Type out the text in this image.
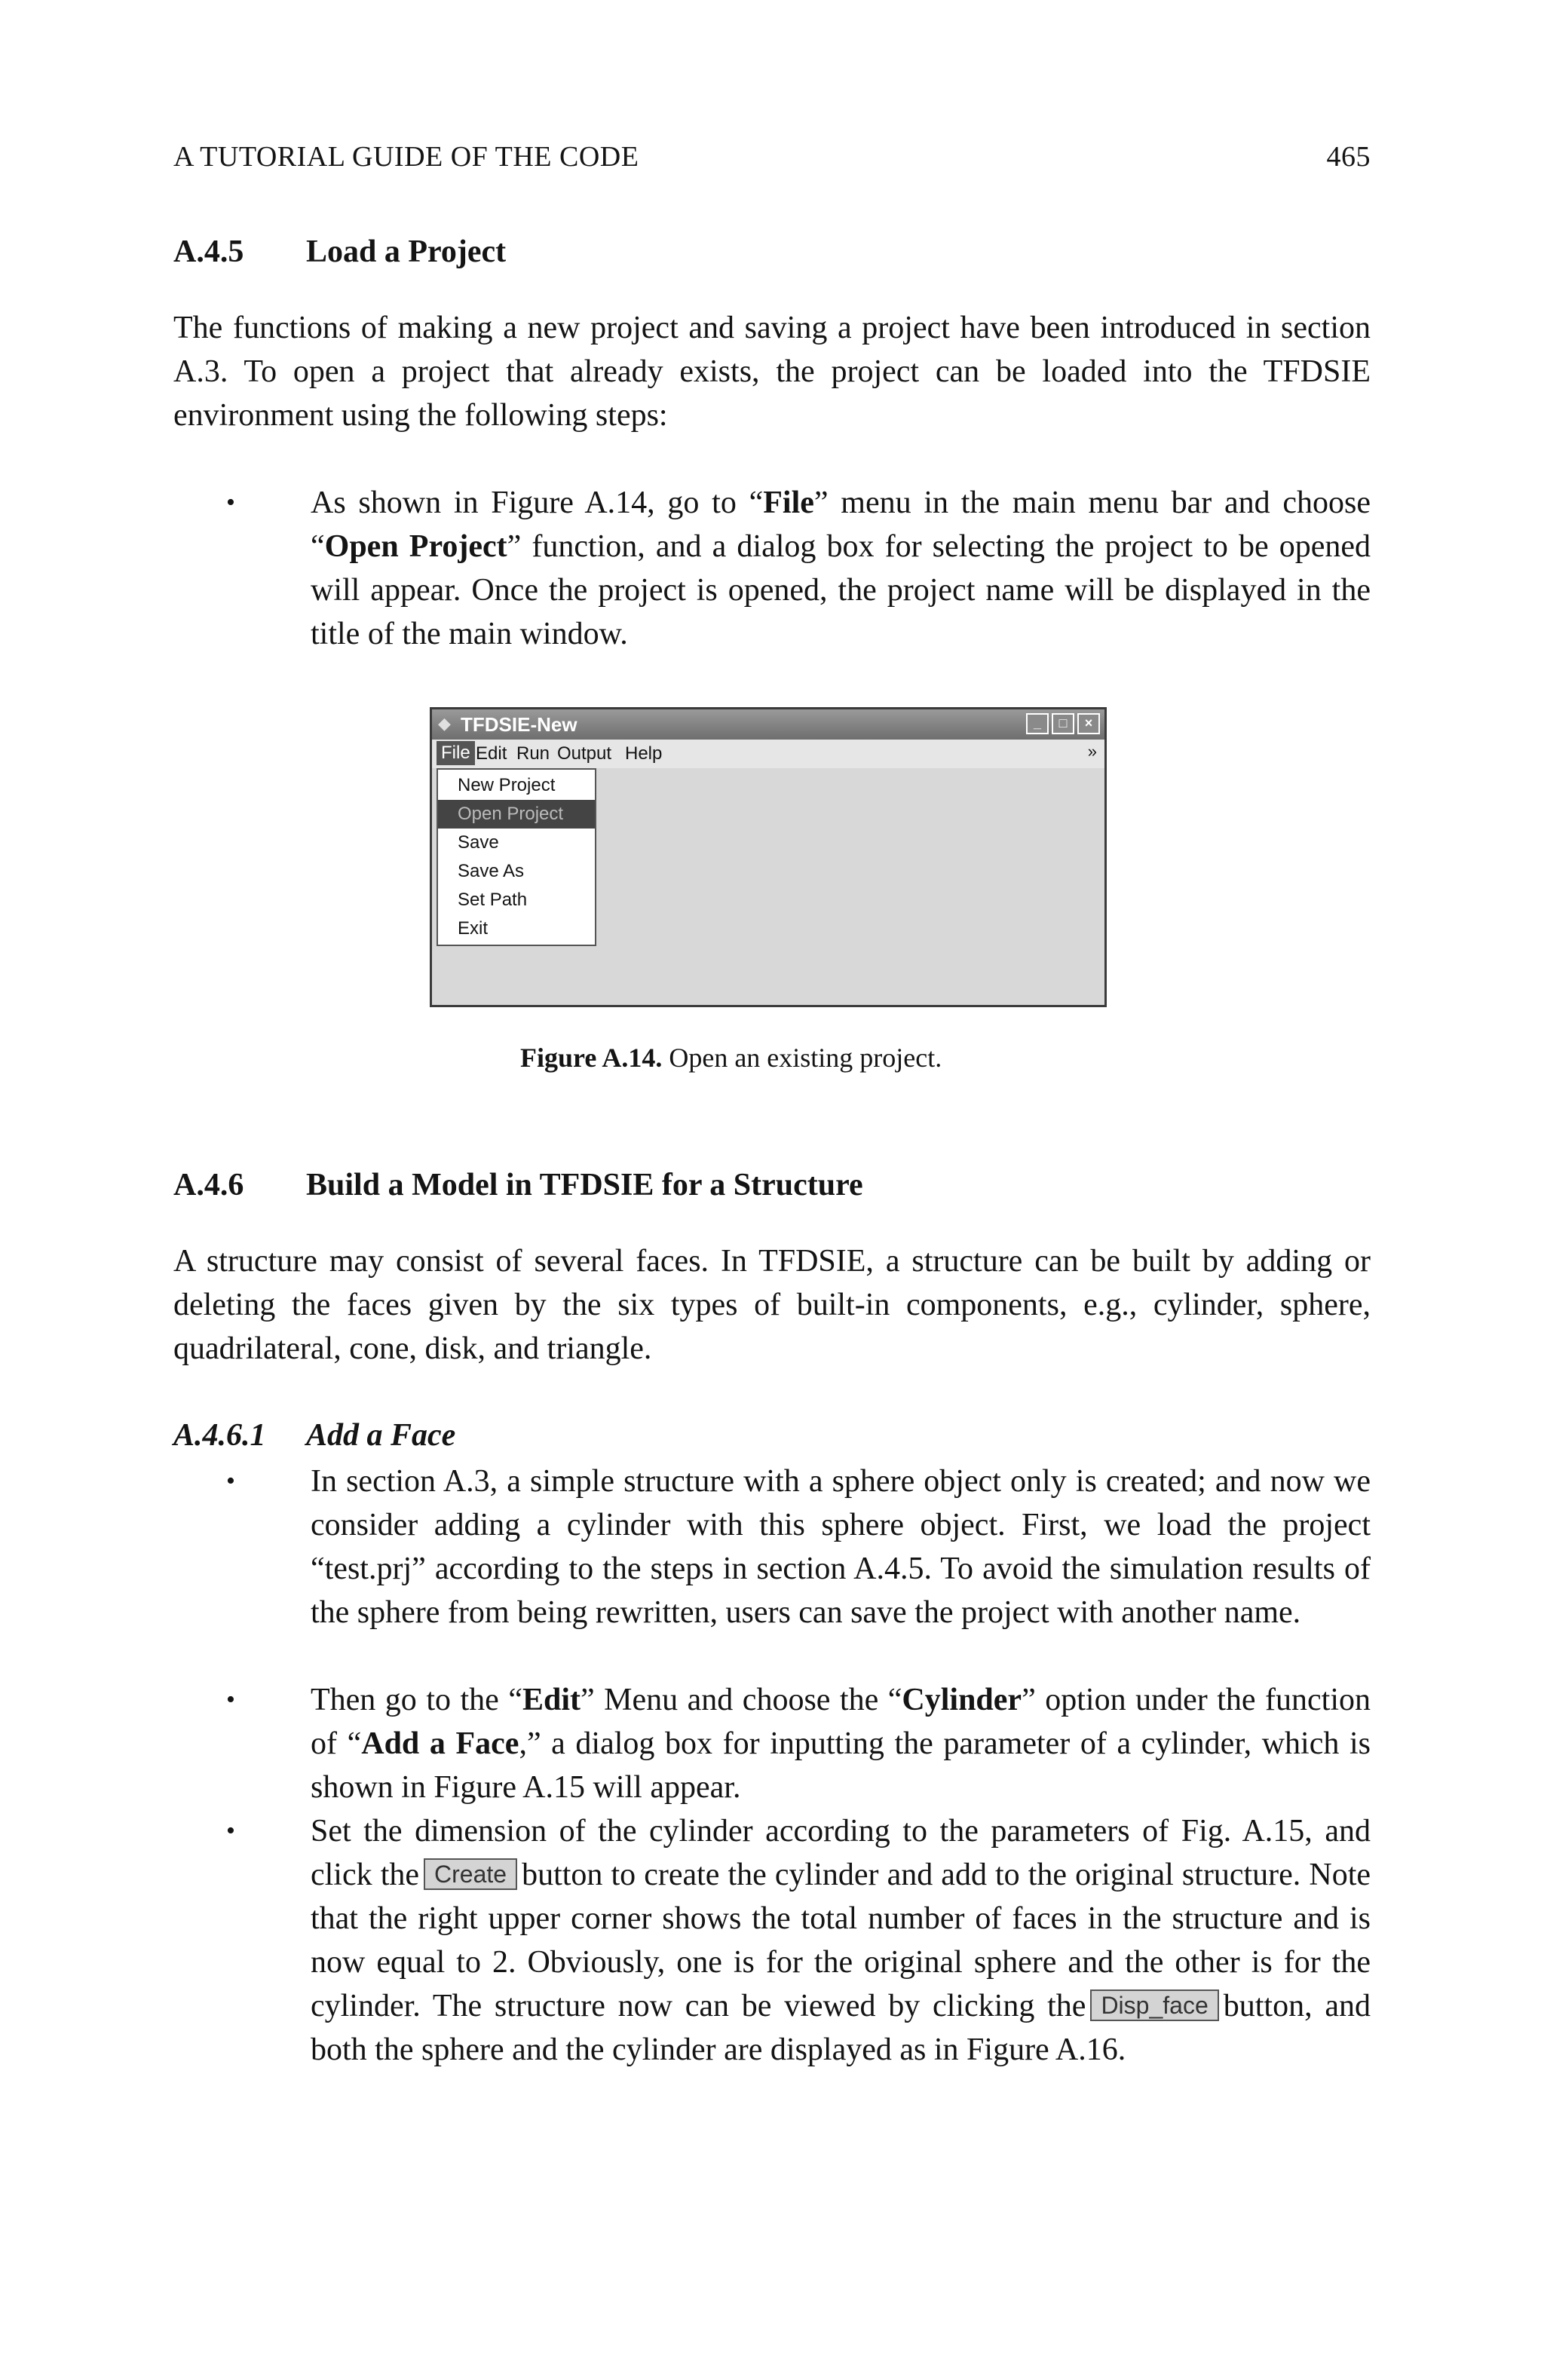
A TUTORIAL GUIDE OF THE CODE	465
A.4.5 Load a Project

The functions of making a new project and saving a project have been introduced in section A.3. To open a project that already exists, the project can be loaded into the TFDSIE environment using the following steps:

•	As shown in Figure A.14, go to “File” menu in the main menu bar and choose “Open Project” function, and a dialog box for selecting the project to be opened will appear. Once the project is opened, the project name will be displayed in the title of the main window.
◆ TFDSIE-New	_	□	×
File Edit Run Output Help	»
New Project
Open Project
Save
Save As
Set Path
Exit
Figure A.14. Open an existing project.
A.4.6 Build a Model in TFDSIE for a Structure

A structure may consist of several faces. In TFDSIE, a structure can be built by adding or deleting the faces given by the six types of built-in components, e.g., cylinder, sphere, quadrilateral, cone, disk, and triangle.

A.4.6.1 Add a Face
•	In section A.3, a simple structure with a sphere object only is created; and now we consider adding a cylinder with this sphere object. First, we load the project “test.prj” according to the steps in section A.4.5. To avoid the simulation results of the sphere from being rewritten, users can save the project with another name.
•	Then go to the “Edit” Menu and choose the “Cylinder” option under the function of “Add a Face,” a dialog box for inputting the parameter of a cylinder, which is shown in Figure A.15 will appear.
•	Set the dimension of the cylinder according to the parameters of Fig. A.15, and click the Create button to create the cylinder and add to the original structure. Note that the right upper corner shows the total number of faces in the structure and is now equal to 2. Obviously, one is for the original sphere and the other is for the cylinder. The structure now can be viewed by clicking the Disp_face button, and both the sphere and the cylinder are displayed as in Figure A.16.
